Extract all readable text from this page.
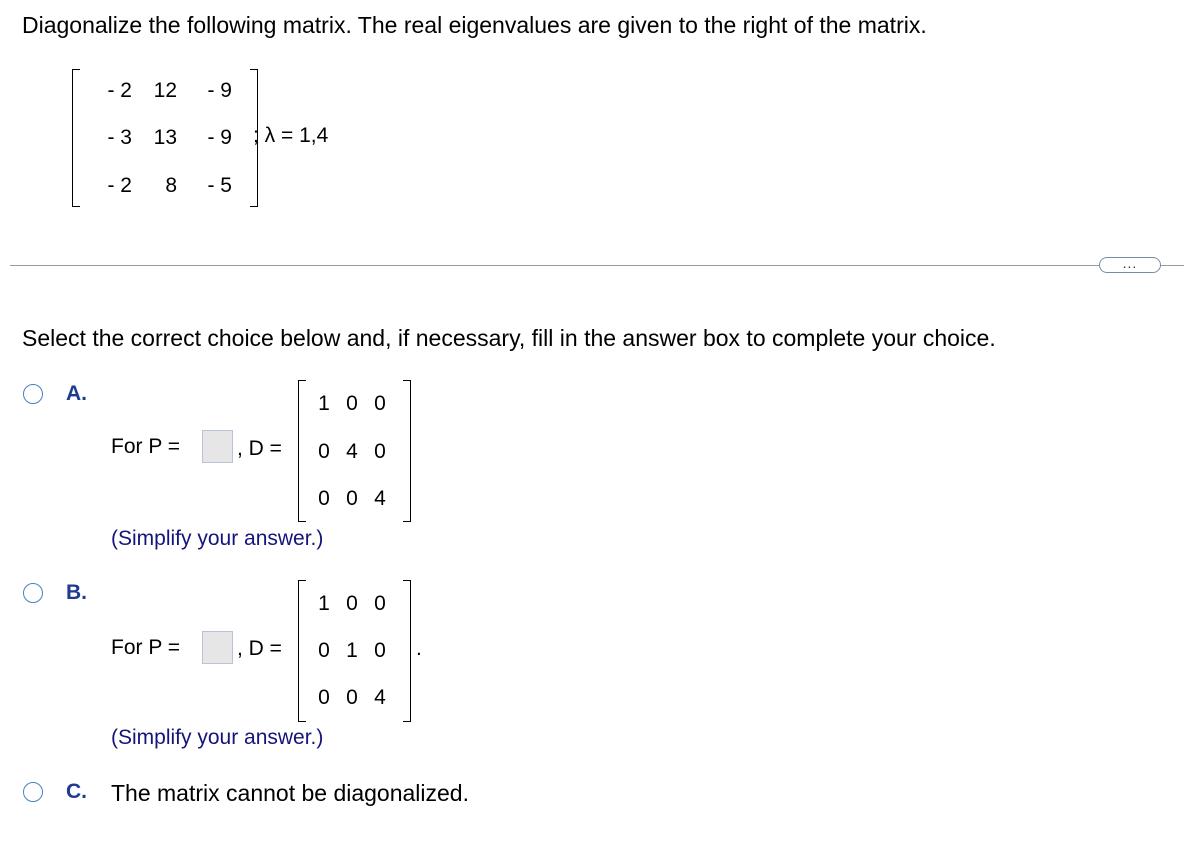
Diagonalize the following matrix. The real eigenvalues are given to the right of the matrix.
- 2	12	- 9
- 3	13	- 9
- 2	8	- 5
; λ = 1,4
...
Select the correct choice below and, if necessary, fill in the answer box to complete your choice.
A.
For P =	, D =
1 0 0
0 4 0
0 0 4
(Simplify your answer.)
B.
For P =	, D =
1 0 0
0 1 0
0 0 4
.
(Simplify your answer.)
C. The matrix cannot be diagonalized.
